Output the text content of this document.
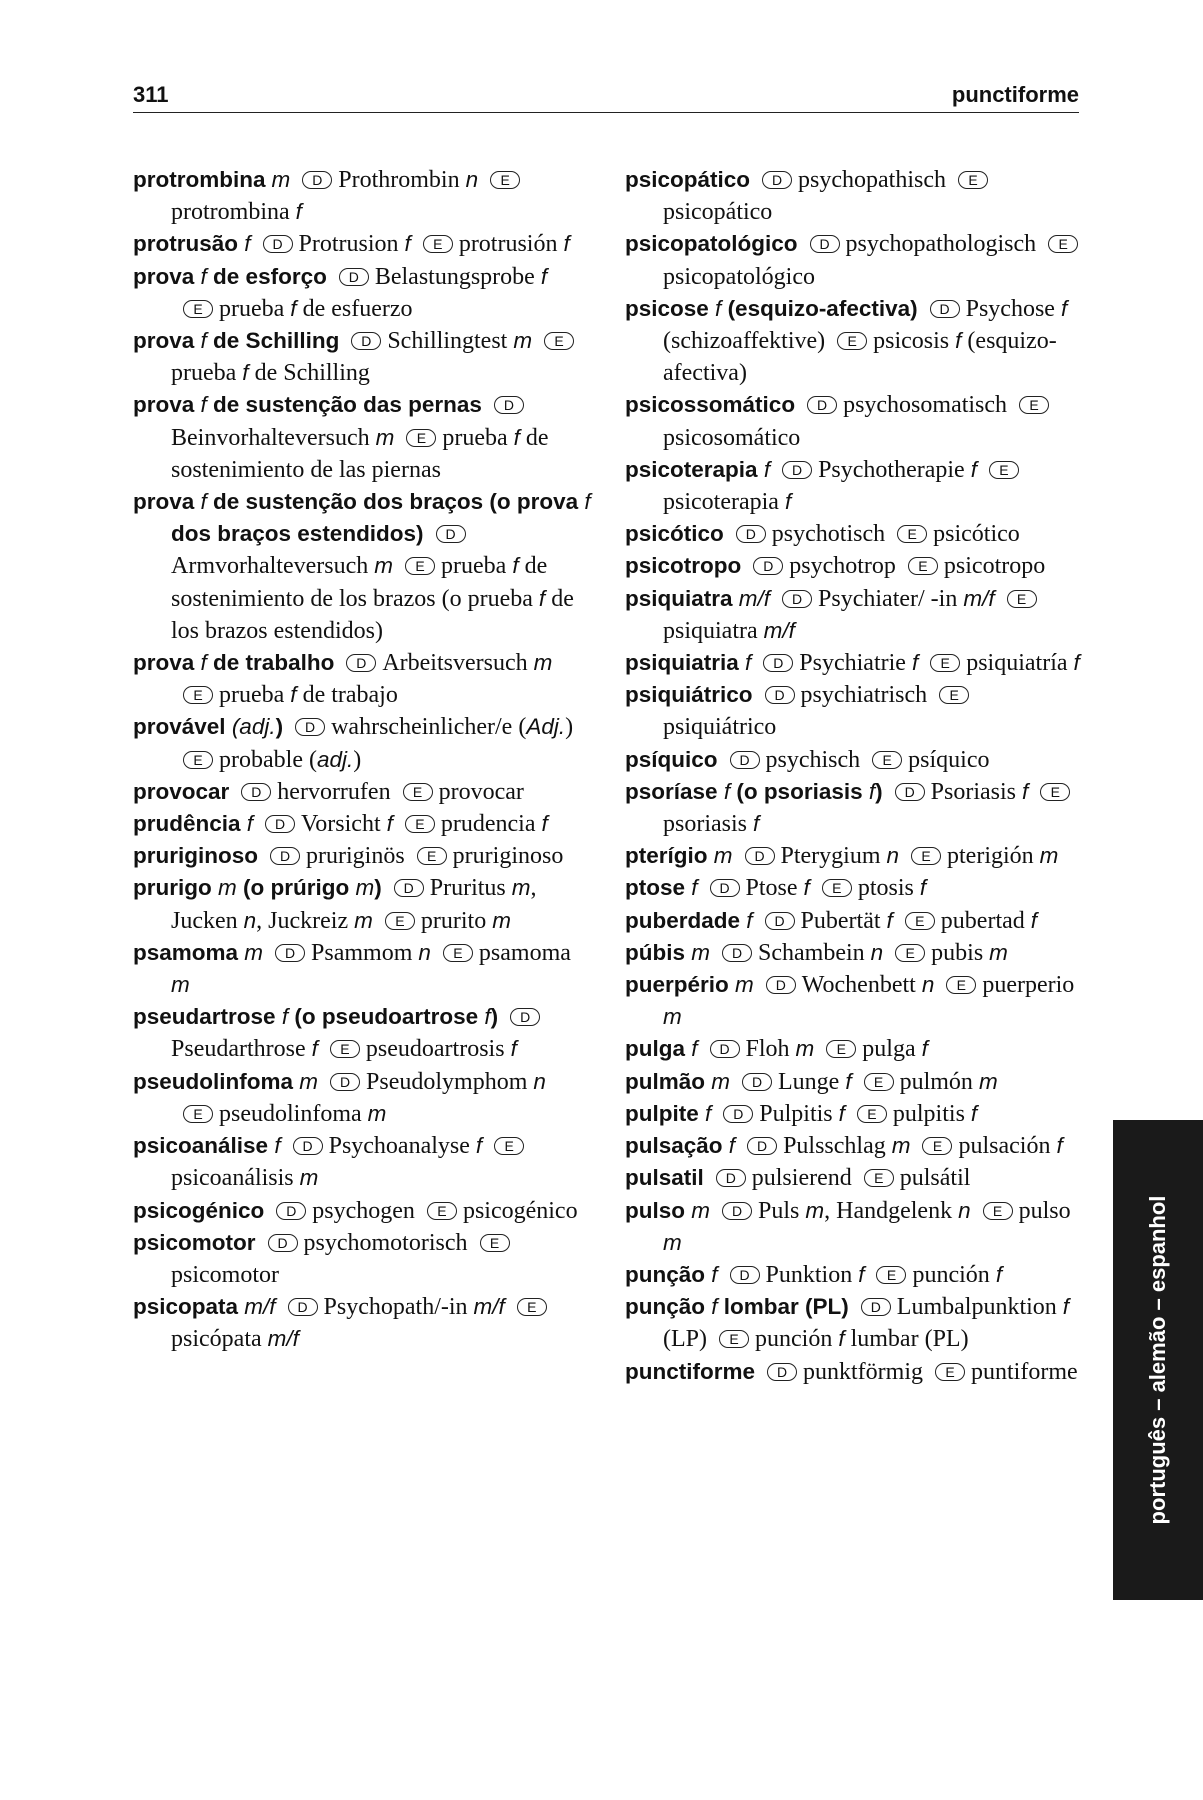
311	punctiforme

protrombina m D Prothrombin n Eprotrombina f

protrusão f D Protrusion f E protrusión f

prova f de esforço D Belastungsprobe fE prueba f de esfuerzo

prova f de Schilling D Schillingtest m Eprueba f de Schilling

prova f de sustenção das pernas DBeinvorhalteversuch m E prueba f de sostenimiento de las piernas

prova f de sustenção dos braços (o prova f dos braços estendidos) DArmvorhalteversuch m E prueba f de sostenimiento de los brazos (o prueba f de los brazos estendidos)

prova f de trabalho D Arbeitsversuch mE prueba f de trabajo

provável (adj.) D wahrscheinlicher/e (Adj.)E probable (adj.)

provocar D hervorrufen E provocar

prudência f D Vorsicht f E prudencia f

pruriginoso D pruriginös E pruriginoso

prurigo m (o prúrigo m) D Pruritus m, Jucken n, Juckreiz m E prurito m

psamoma m D Psammom n E psamoma m

pseudartrose f (o pseudoartrose f) DPseudarthrose f E pseudoartrosis f

pseudolinfoma m D Pseudolymphom nE pseudolinfoma m

psicoanálise f D Psychoanalyse f Epsicoanálisis m

psicogénico D psychogen E psicogénico

psicomotor D psychomotorisch Epsicomotor

psicopata m/f D Psychopath/-in m/f Epsicópata m/f

psicopático D psychopathisch Epsicopático

psicopatológico D psychopathologisch Epsicopatológico

psicose f (esquizo-afectiva) D Psychose f (schizoaffektive) E psicosis f (esquizo-afectiva)

psicossomático D psychosomatisch Epsicosomático

psicoterapia f D Psychotherapie f Epsicoterapia f

psicótico D psychotisch E psicótico

psicotropo D psychotrop E psicotropo

psiquiatra m/f D Psychiater/ -in m/f Epsiquiatra m/f

psiquiatria f D Psychiatrie f E psiquiatría f

psiquiátrico D psychiatrisch Epsiquiátrico

psíquico D psychisch E psíquico

psoríase f (o psoriasis f) D Psoriasis f Epsoriasis f

pterígio m D Pterygium n E pterigión m

ptose f D Ptose f E ptosis f

puberdade f D Pubertät f E pubertad f

púbis m D Schambein n E pubis m

puerpério m D Wochenbett n E puerperio m

pulga f D Floh m E pulga f

pulmão m D Lunge f E pulmón m

pulpite f D Pulpitis f E pulpitis f

pulsação f D Pulsschlag m E pulsación f

pulsatil D pulsierend E pulsátil

pulso m D Puls m, Handgelenk n E pulso m

punção f D Punktion f E punción f

punção f lombar (PL) D Lumbalpunktion f (LP) E punción f lumbar (PL)

punctiforme D punktförmig E puntiforme	português – alemão – espanhol
